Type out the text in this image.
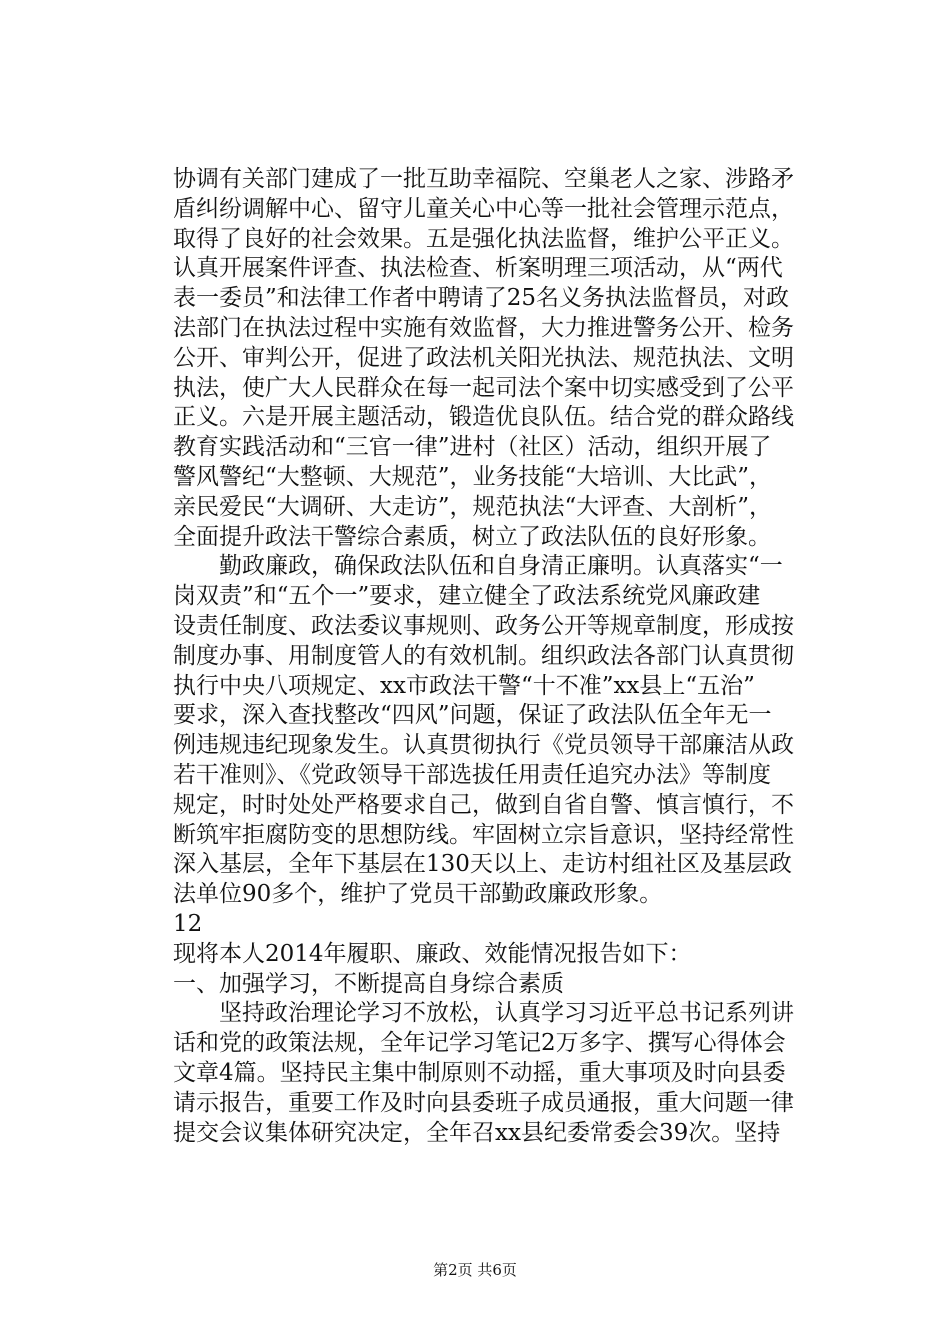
协调有关部门建成了一批互助幸福院、空巢老人之家、涉路矛
盾纠纷调解中心、留守儿童关心中心等一批社会管理示范点，
取得了良好的社会效果。五是强化执法监督，维护公平正义。
认真开展案件评查、执法检查、析案明理三项活动，从“两代
表一委员”和法律工作者中聘请了25名义务执法监督员，对政
法部门在执法过程中实施有效监督，大力推进警务公开、检务
公开、审判公开，促进了政法机关阳光执法、规范执法、文明
执法，使广大人民群众在每一起司法个案中切实感受到了公平
正义。六是开展主题活动，锻造优良队伍。结合党的群众路线
教育实践活动和“三官一律”进村（社区）活动，组织开展了
警风警纪“大整顿、大规范”，业务技能“大培训、大比武”，
亲民爱民“大调研、大走访”，规范执法“大评查、大剖析”，
全面提升政法干警综合素质，树立了政法队伍的良好形象。
勤政廉政，确保政法队伍和自身清正廉明。认真落实“一
岗双责”和“五个一”要求，建立健全了政法系统党风廉政建
设责任制度、政法委议事规则、政务公开等规章制度，形成按
制度办事、用制度管人的有效机制。组织政法各部门认真贯彻
执行中央八项规定、xx市政法干警“十不准”xx县上“五治”
要求，深入查找整改“四风”问题，保证了政法队伍全年无一
例违规违纪现象发生。认真贯彻执行《党员领导干部廉洁从政
若干准则》、《党政领导干部选拔任用责任追究办法》等制度
规定，时时处处严格要求自己，做到自省自警、慎言慎行，不
断筑牢拒腐防变的思想防线。牢固树立宗旨意识，坚持经常性
深入基层，全年下基层在130天以上、走访村组社区及基层政
法单位90多个，维护了党员干部勤政廉政形象。
12
现将本人2014年履职、廉政、效能情况报告如下：
一、加强学习，不断提高自身综合素质
坚持政治理论学习不放松，认真学习习近平总书记系列讲
话和党的政策法规，全年记学习笔记2万多字、撰写心得体会
文章4篇。坚持民主集中制原则不动摇，重大事项及时向县委
请示报告，重要工作及时向县委班子成员通报，重大问题一律
提交会议集体研究决定，全年召xx县纪委常委会39次。坚持
第2页 共6页
